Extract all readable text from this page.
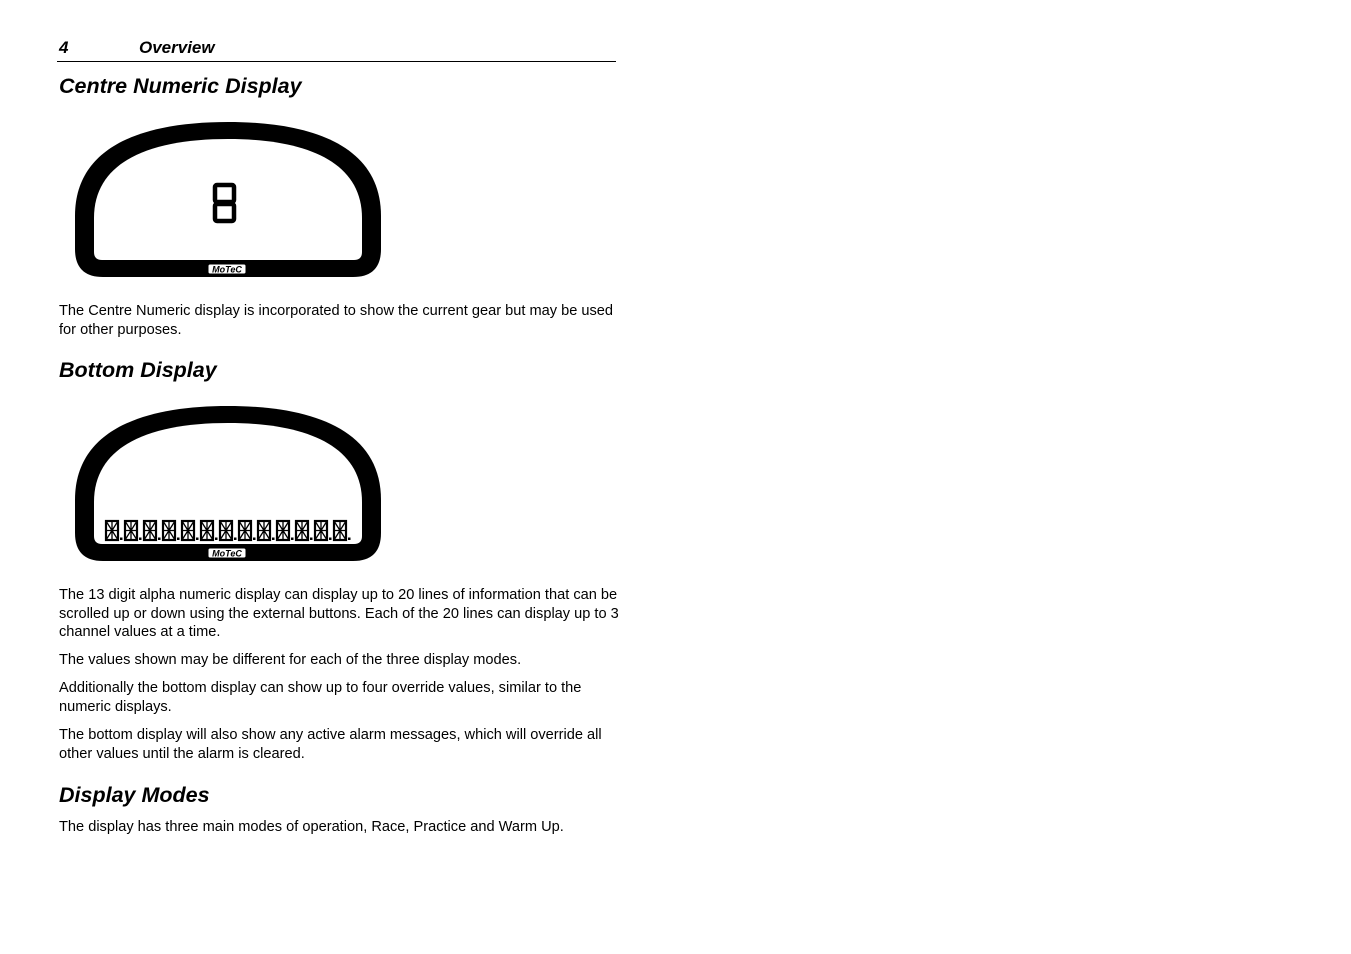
4	Overview
Centre Numeric Display
MoTeC

The Centre Numeric display is incorporated to show the current gear but may be used for other purposes.

Bottom Display
MoTeC

The 13 digit alpha numeric display can display up to 20 lines of information that can be scrolled up or down using the external buttons. Each of the 20 lines can display up to 3 channel values at a time.

The values shown may be different for each of the three display modes.

Additionally the bottom display can show up to four override values, similar to the numeric displays.

The bottom display will also show any active alarm messages, which will override all other values until the alarm is cleared.

Display Modes

The display has three main modes of operation, Race, Practice and Warm Up.
